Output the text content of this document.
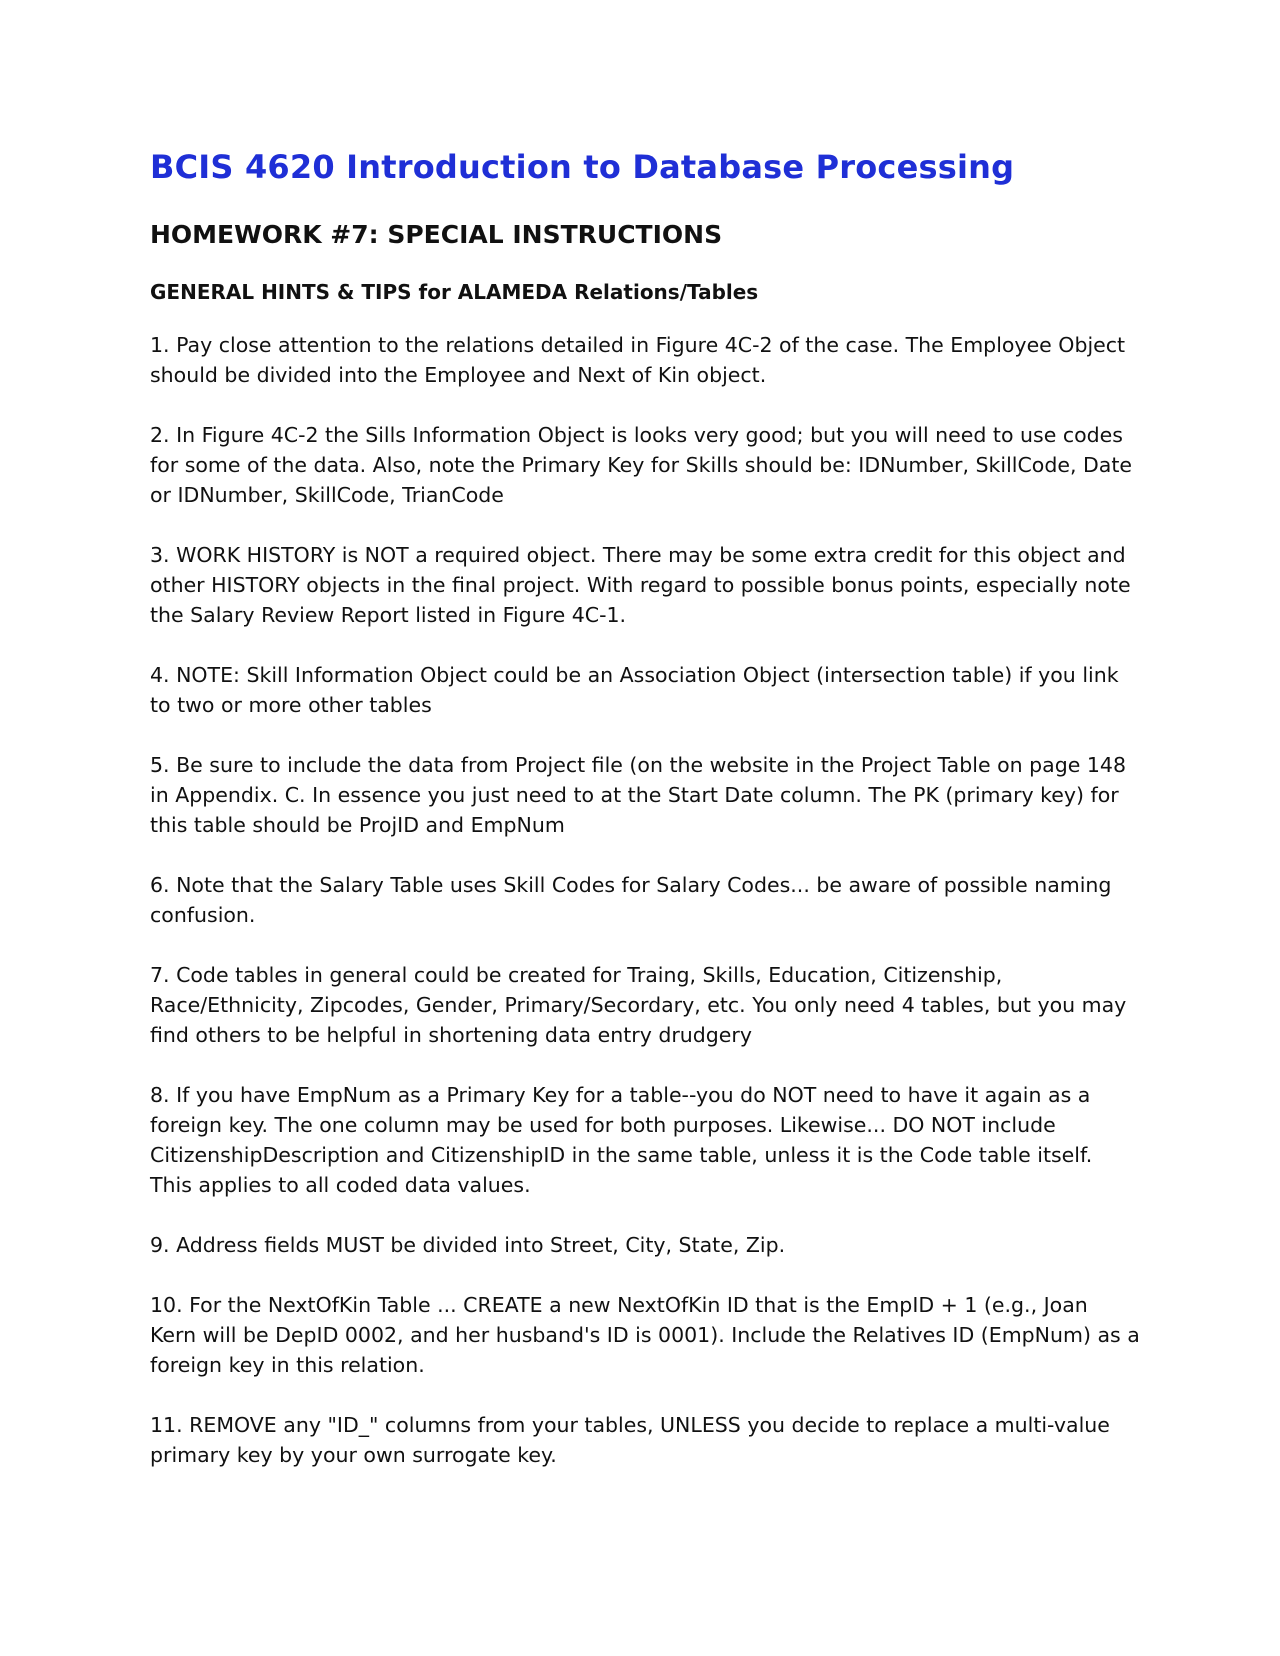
BCIS 4620 Introduction to Database Processing
HOMEWORK #7: SPECIAL INSTRUCTIONS
GENERAL HINTS & TIPS for ALAMEDA Relations/Tables

1. Pay close attention to the relations detailed in Figure 4C-2 of the case. The Employee Object should be divided into the Employee and Next of Kin object.

2. In Figure 4C-2 the Sills Information Object is looks very good; but you will need to use codes for some of the data. Also, note the Primary Key for Skills should be: IDNumber, SkillCode, Date or IDNumber, SkillCode, TrianCode

3. WORK HISTORY is NOT a required object. There may be some extra credit for this object and other HISTORY objects in the final project. With regard to possible bonus points, especially note the Salary Review Report listed in Figure 4C-1.

4. NOTE: Skill Information Object could be an Association Object (intersection table) if you link to two or more other tables

5. Be sure to include the data from Project file (on the website in the Project Table on page 148 in Appendix. C. In essence you just need to at the Start Date column. The PK (primary key) for this table should be ProjID and EmpNum

6. Note that the Salary Table uses Skill Codes for Salary Codes... be aware of possible naming confusion.

7. Code tables in general could be created for Traing, Skills, Education, Citizenship, Race/Ethnicity, Zipcodes, Gender, Primary/Secordary, etc. You only need 4 tables, but you may find others to be helpful in shortening data entry drudgery

8. If you have EmpNum as a Primary Key for a table--you do NOT need to have it again as a foreign key. The one column may be used for both purposes. Likewise... DO NOT include CitizenshipDescription and CitizenshipID in the same table, unless it is the Code table itself. This applies to all coded data values.

9. Address fields MUST be divided into Street, City, State, Zip.

10. For the NextOfKin Table ... CREATE a new NextOfKin ID that is the EmpID + 1 (e.g., Joan Kern will be DepID 0002, and her husband's ID is 0001). Include the Relatives ID (EmpNum) as a foreign key in this relation.

11. REMOVE any "ID_" columns from your tables, UNLESS you decide to replace a multi-value primary key by your own surrogate key.
